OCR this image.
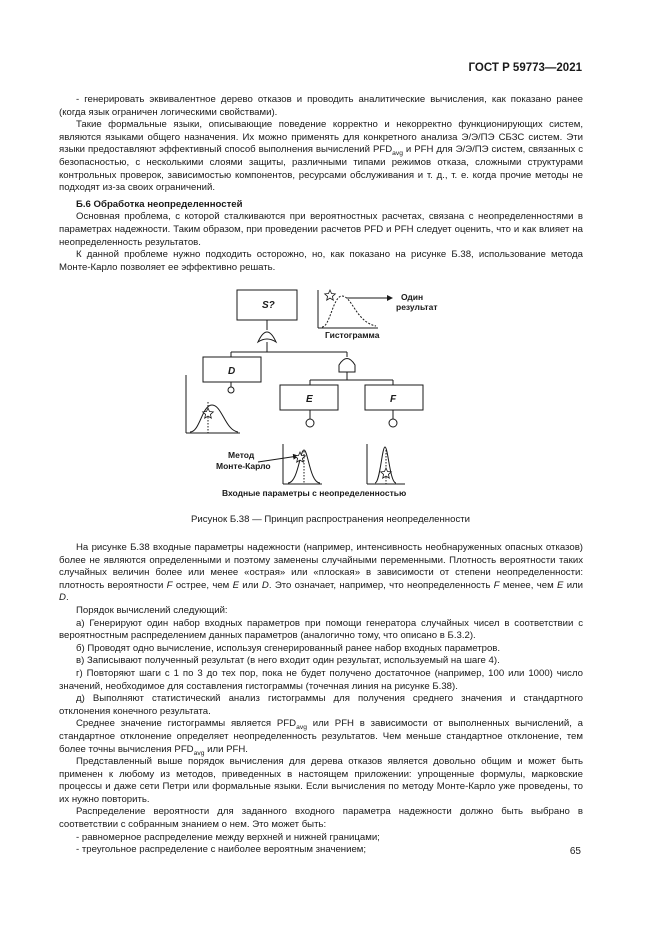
ГОСТ Р 59773—2021

- генерировать эквивалентное дерево отказов и проводить аналитические вычисления, как показано ранее (когда язык ограничен логическими свойствами).

Такие формальные языки, описывающие поведение корректно и некорректно функционирующих систем, являются языками общего назначения. Их можно применять для конкретного анализа Э/Э/ПЭ СБЗС систем. Эти языки предоставляют эффективный способ выполнения вычислений $PFD_{avg}$ и PFH для Э/Э/ПЭ систем, связанных с безопасностью, с несколькими слоями защиты, различными типами режимов отказа, сложными структурами контрольных проверок, зависимостью компонентов, ресурсами обслуживания и т. д., т. е. когда прочие методы не подходят из-за своих ограничений.

Б.6 Обработка неопределенностей

Основная проблема, с которой сталкиваются при вероятностных расчетах, связана с неопределенностями в параметрах надежности. Таким образом, при проведении расчетов PFD и PFH следует оценить, что и как влияет на неопределенность результатов.

К данной проблеме нужно подходить осторожно, но, как показано на рисунке Б.38, использование метода Монте-Карло позволяет ее эффективно решать.

S?
D
E	F
Один
результат
Гистограмма
Метод
Монте-Карло
Входные параметры с неопределенностью
Рисунок Б.38 — Принцип распространения неопределенности

На рисунке Б.38 входные параметры надежности (например, интенсивность необнаруженных опасных отказов) более не являются определенными и поэтому заменены случайными переменными. Плотность вероятности таких случайных величин более или менее «острая» или «плоская» в зависимости от степени неопределенности: плотность вероятности F острее, чем E или D. Это означает, например, что неопределенность F менее, чем E или D.

Порядок вычислений следующий:

а) Генерируют один набор входных параметров при помощи генератора случайных чисел в соответствии с вероятностным распределением данных параметров (аналогично тому, что описано в Б.3.2).

б) Проводят одно вычисление, используя сгенерированный ранее набор входных параметров.

в) Записывают полученный результат (в него входит один результат, используемый на шаге 4).

г) Повторяют шаги с 1 по 3 до тех пор, пока не будет получено достаточное (например, 100 или 1000) число значений, необходимое для составления гистограммы (точечная линия на рисунке Б.38).

д) Выполняют статистический анализ гистограммы для получения среднего значения и стандартного отклонения конечного результата.

Среднее значение гистограммы является $PFD_{avg}$ или PFH в зависимости от выполненных вычислений, а стандартное отклонение определяет неопределенность результатов. Чем меньше стандартное отклонение, тем более точны вычисления $PFD_{avg}$ или PFH.

Представленный выше порядок вычисления для дерева отказов является довольно общим и может быть применен к любому из методов, приведенных в настоящем приложении: упрощенные формулы, марковские процессы и даже сети Петри или формальные языки. Если вычисления по методу Монте-Карло уже проведены, то их нужно повторить.

Распределение вероятности для заданного входного параметра надежности должно быть выбрано в соответствии с собранным знанием о нем. Это может быть:

- равномерное распределение между верхней и нижней границами;

- треугольное распределение с наиболее вероятным значением;	65
